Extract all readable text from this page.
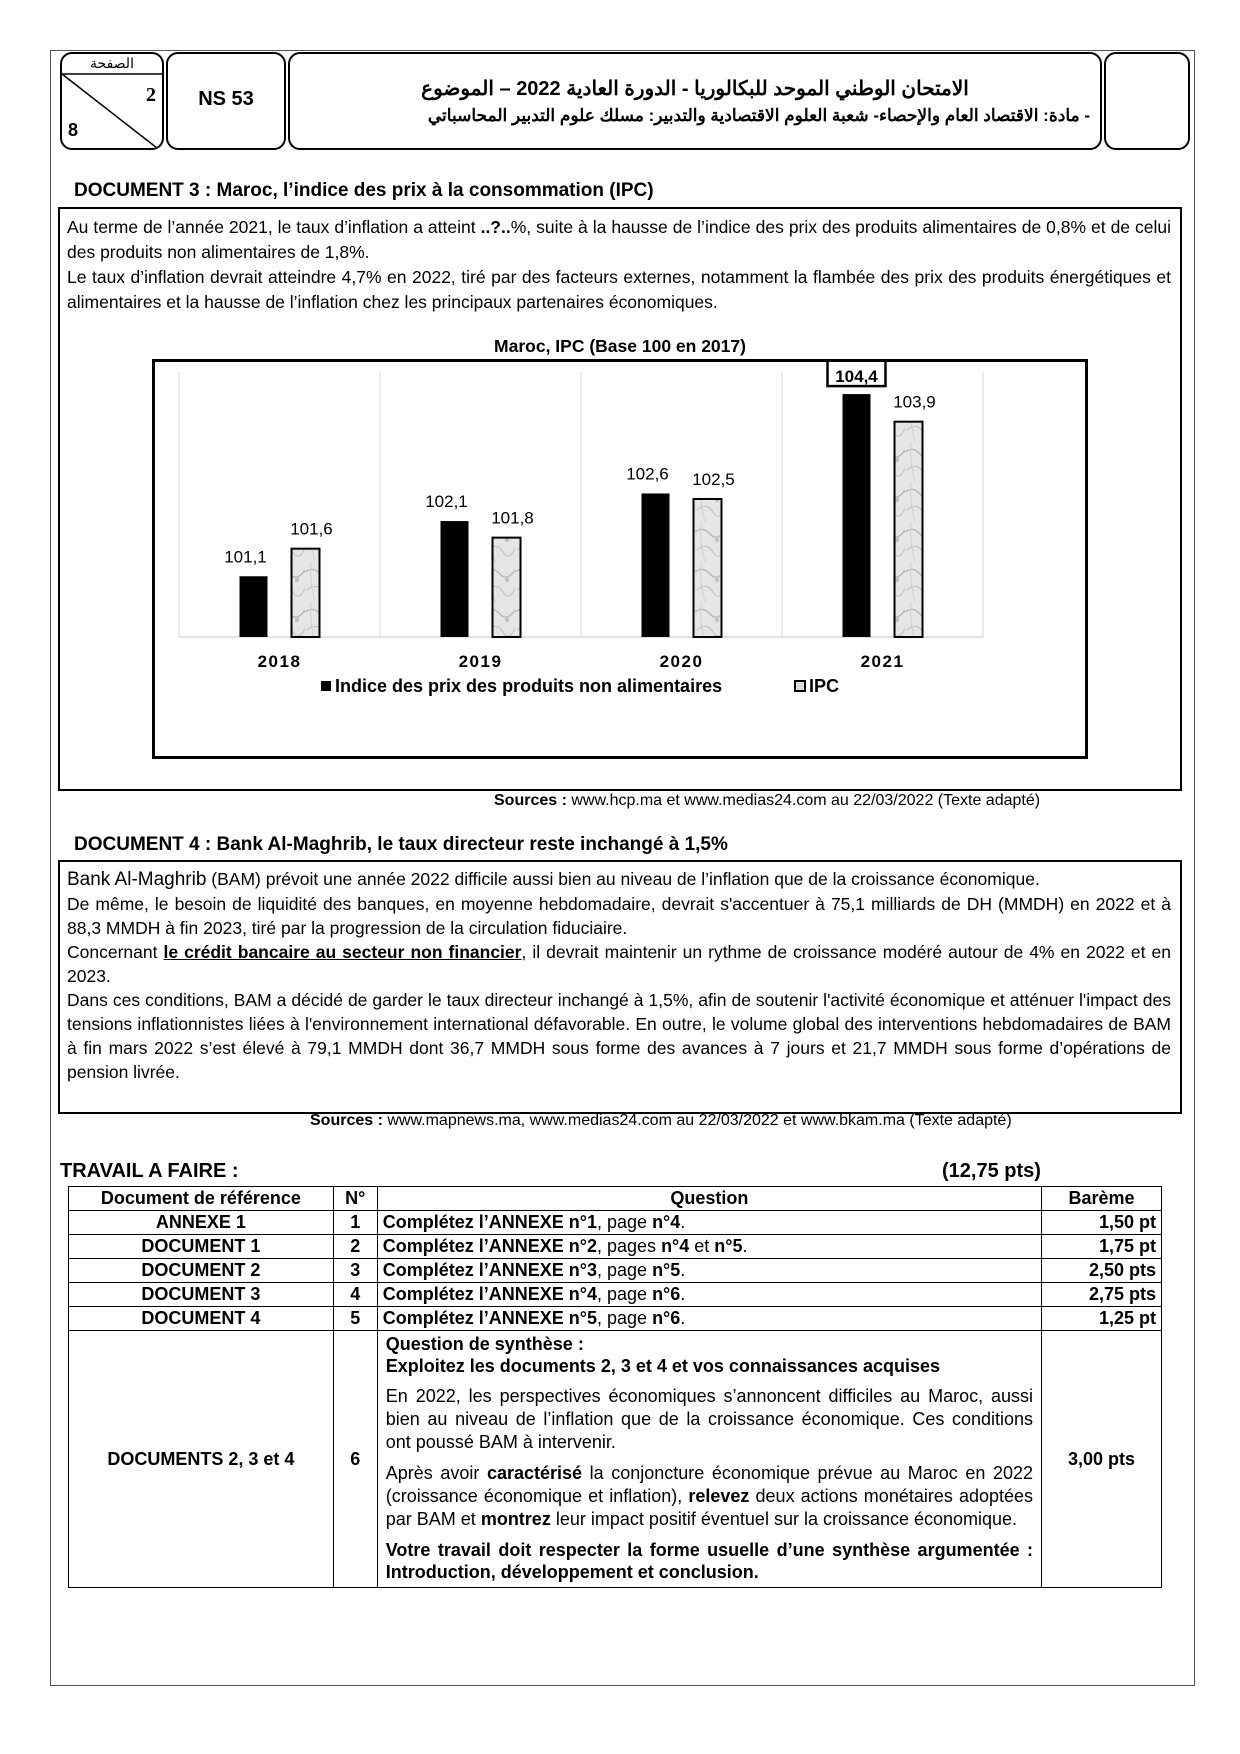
الصفحة
2
8
NS 53	الامتحان الوطني الموحد للبكالوريا - الدورة العادية 2022 – الموضوع
- مادة: الاقتصاد العام والإحصاء- شعبة العلوم الاقتصادية والتدبير: مسلك علوم التدبير المحاسباتي
DOCUMENT 3 : Maroc, l’indice des prix à la consommation (IPC)

Au terme de l’année 2021, le taux d’inflation a atteint ..?..%, suite à la hausse de l’indice des prix des produits alimentaires de 0,8% et de celui des produits non alimentaires de 1,8%.

Le taux d’inflation devrait atteindre 4,7% en 2022, tiré par des facteurs externes, notamment la flambée des prix des produits énergétiques et alimentaires et la hausse de l’inflation chez les principaux partenaires économiques.

Maroc, IPC (Base 100 en 2017)
101,1
101,6
2018
102,1
101,8
2019
102,6 102,5
2020
104,4
103,9
2021
Indice des prix des produits non alimentaires	IPC
Sources : www.hcp.ma et www.medias24.com au 22/03/2022 (Texte adapté)
DOCUMENT 4 : Bank Al-Maghrib, le taux directeur reste inchangé à 1,5%

Bank Al-Maghrib (BAM) prévoit une année 2022 difficile aussi bien au niveau de l’inflation que de la croissance économique.

De même, le besoin de liquidité des banques, en moyenne hebdomadaire, devrait s'accentuer à 75,1 milliards de DH (MMDH) en 2022 et à 88,3 MMDH à fin 2023, tiré par la progression de la circulation fiduciaire.

Concernant le crédit bancaire au secteur non financier, il devrait maintenir un rythme de croissance modéré autour de 4% en 2022 et en 2023.

Dans ces conditions, BAM a décidé de garder le taux directeur inchangé à 1,5%, afin de soutenir l'activité économique et atténuer l'impact des tensions inflationnistes liées à l'environnement international défavorable. En outre, le volume global des interventions hebdomadaires de BAM à fin mars 2022 s’est élevé à 79,1 MMDH dont 36,7 MMDH sous forme des avances à 7 jours et 21,7 MMDH sous forme d’opérations de pension livrée.

Sources : www.mapnews.ma, www.medias24.com au 22/03/2022 et www.bkam.ma (Texte adapté)
TRAVAIL A FAIRE :	(12,75 pts)
Document de référence	N°	Question	Barème
ANNEXE 1	1	Complétez l’ANNEXE n°1, page n°4.	1,50 pt
DOCUMENT 1	2	Complétez l’ANNEXE n°2, pages n°4 et n°5.	1,75 pt
DOCUMENT 2	3	Complétez l’ANNEXE n°3, page n°5.	2,50 pts
DOCUMENT 3	4	Complétez l’ANNEXE n°4, page n°6.	2,75 pts
DOCUMENT 4	5	Complétez l’ANNEXE n°5, page n°6.	1,25 pt
DOCUMENTS 2, 3 et 4	6	Question de synthèse :
Exploitez les documents 2, 3 et 4 et vos connaissances acquises
En 2022, les perspectives économiques s’annoncent difficiles au Maroc, aussi bien au niveau de l’inflation que de la croissance économique. Ces conditions ont poussé BAM à intervenir.
Après avoir caractérisé la conjoncture économique prévue au Maroc en 2022 (croissance économique et inflation), relevez deux actions monétaires adoptées par BAM et montrez leur impact positif éventuel sur la croissance économique.
Votre travail doit respecter la forme usuelle d’une synthèse argumentée : Introduction, développement et conclusion.	3,00 pts
